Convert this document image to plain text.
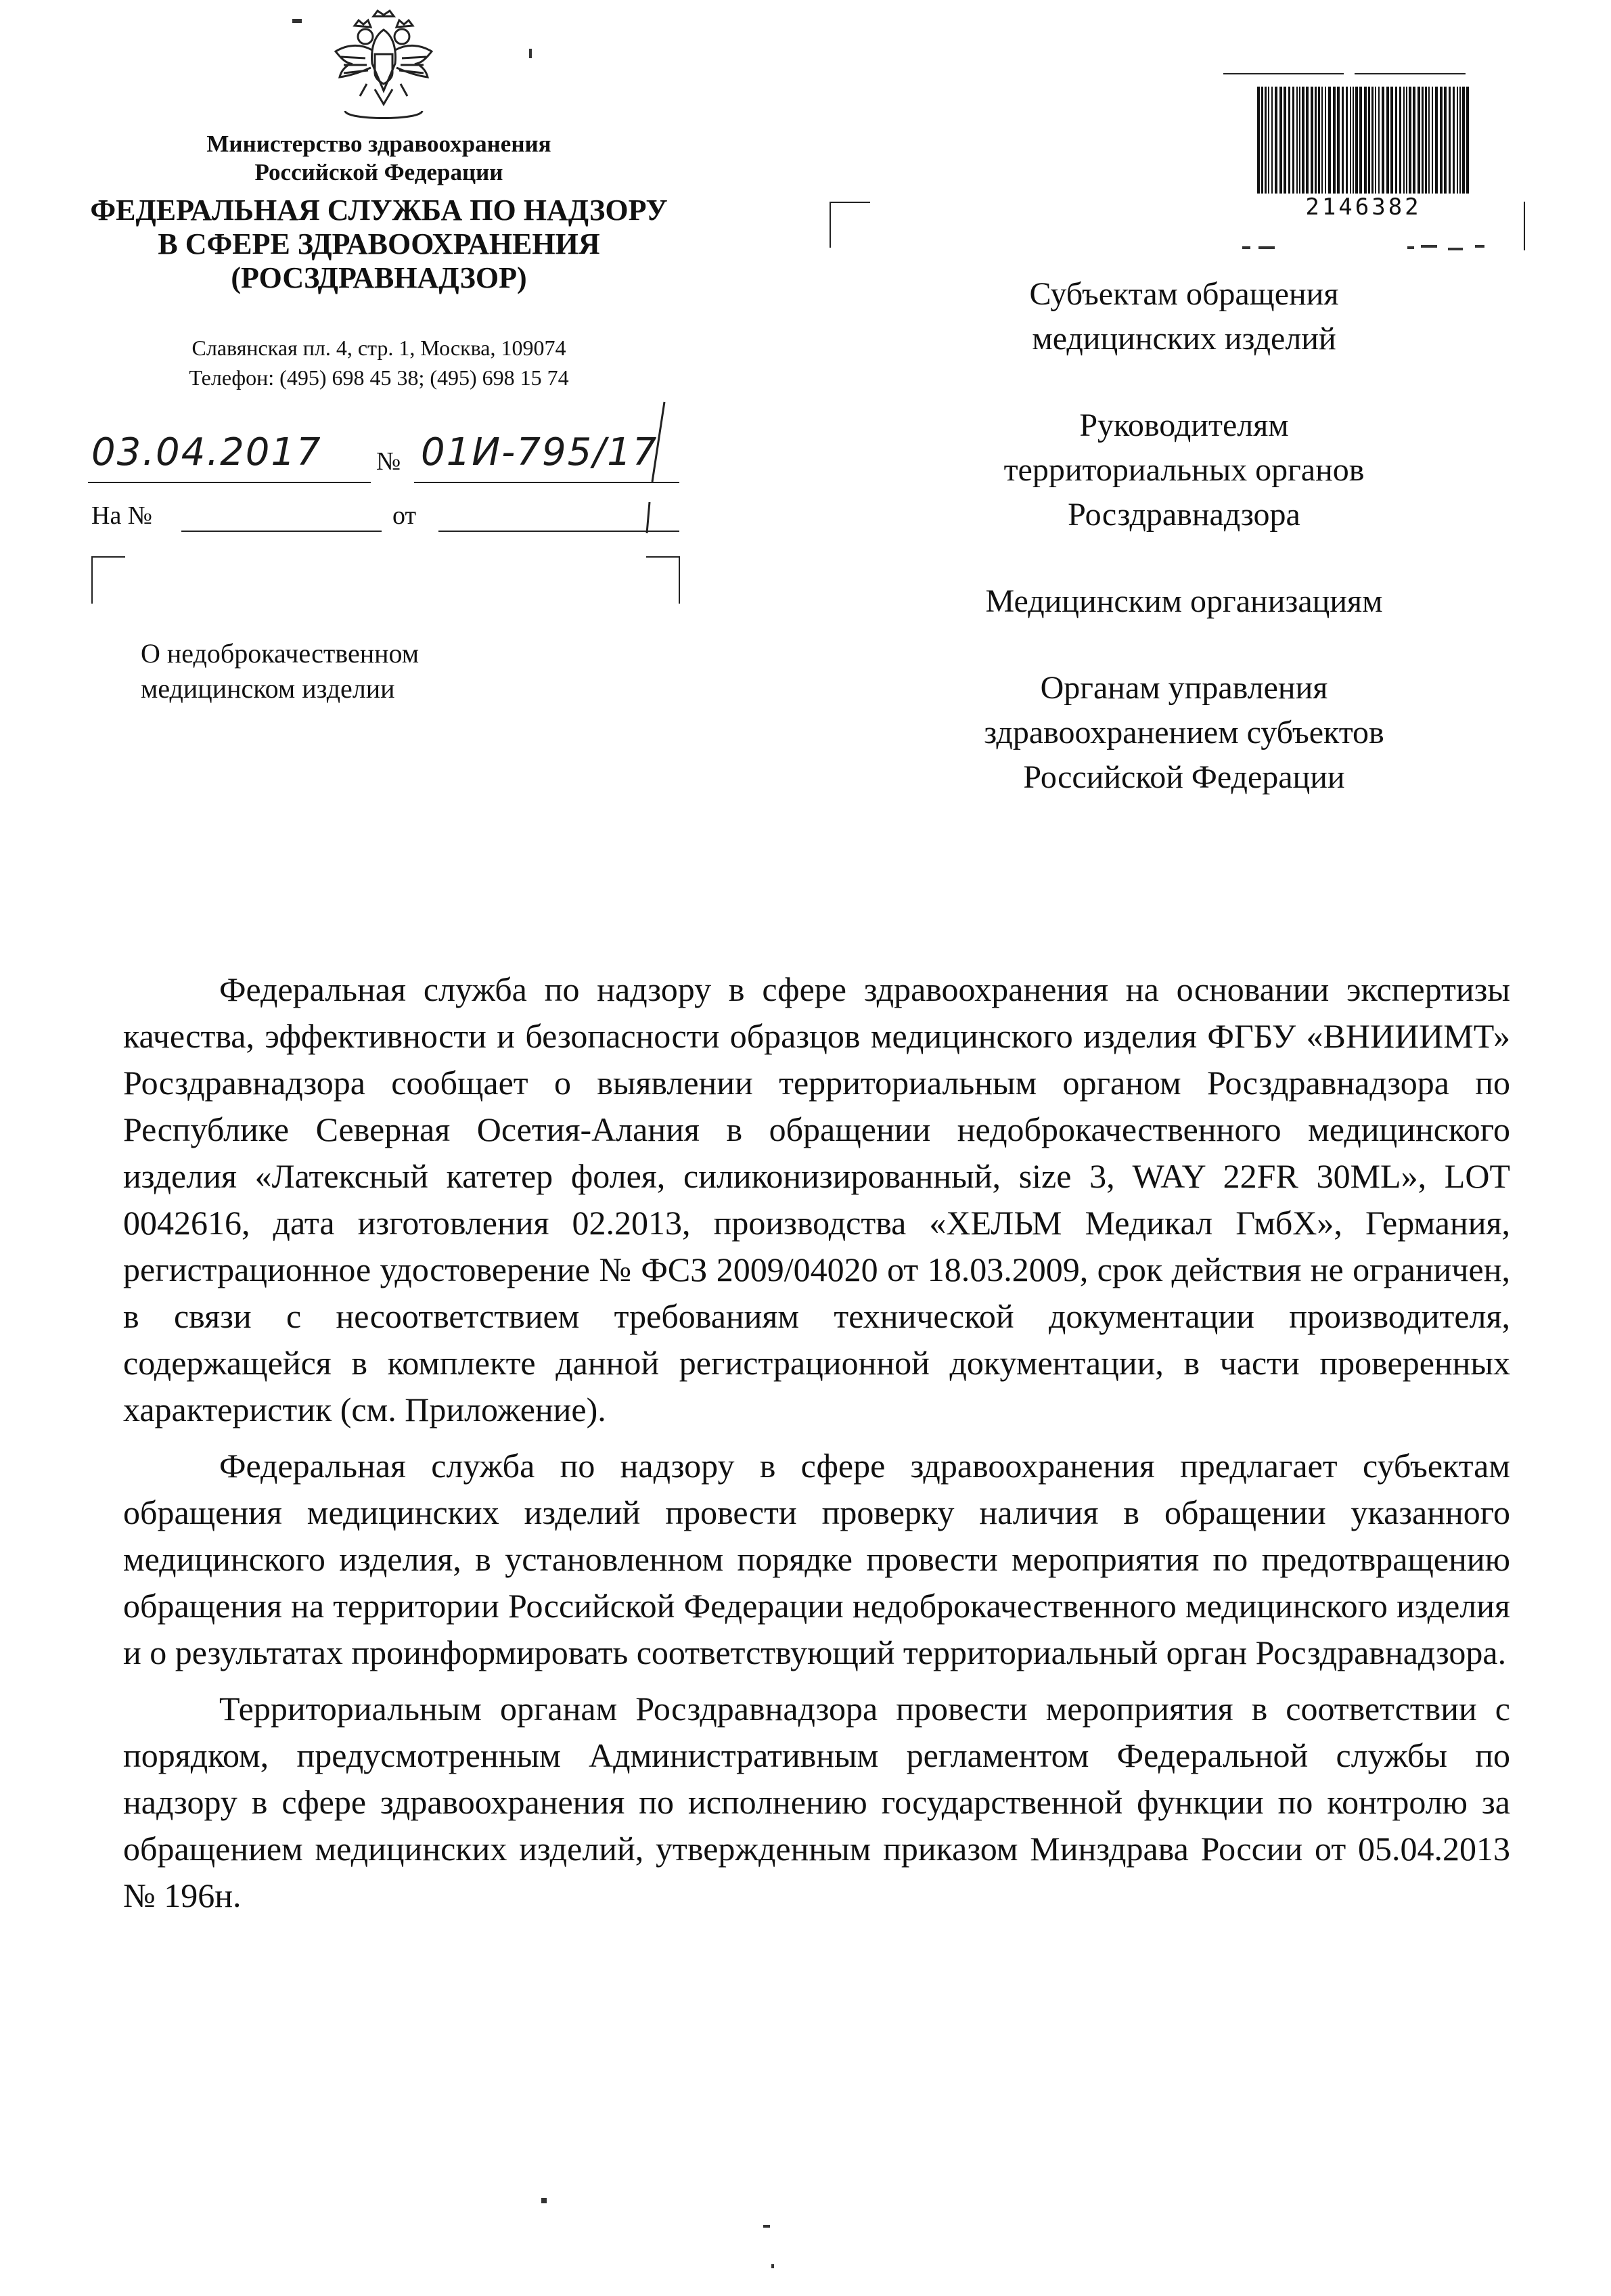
Министерство здравоохранения
Российской Федерации
ФЕДЕРАЛЬНАЯ СЛУЖБА ПО НАДЗОРУ
В СФЕРЕ ЗДРАВООХРАНЕНИЯ
(РОСЗДРАВНАДЗОР)
Славянская пл. 4, стр. 1, Москва, 109074
Телефон: (495) 698 45 38; (495) 698 15 74
03.04.2017 № 01И-795/17
На №	от
О недоброкачественном
медицинском изделии
2146382
Субъектам обращения
медицинских изделий
Руководителям
территориальных органов
Росздравнадзора
Медицинским организациям
Органам управления
здравоохранением субъектов
Российской Федерации

Федеральная служба по надзору в сфере здравоохранения на основании экспертизы качества, эффективности и безопасности образцов медицинского изделия ФГБУ «ВНИИИМТ» Росздравнадзора сообщает о выявлении территориальным органом Росздравнадзора по Республике Северная Осетия-Алания в обращении недоброкачественного медицинского изделия «Латексный катетер фолея, силиконизированный, size 3, WAY 22FR 30ML», LOT 0042616, дата изготовления 02.2013, производства «ХЕЛЬМ Медикал ГмбХ», Германия, регистрационное удостоверение № ФСЗ 2009/04020 от 18.03.2009, срок действия не ограничен, в связи с несоответствием требованиям технической документации производителя, содержащейся в комплекте данной регистрационной документации, в части проверенных характеристик (см. Приложение).

Федеральная служба по надзору в сфере здравоохранения предлагает субъектам обращения медицинских изделий провести проверку наличия в обращении указанного медицинского изделия, в установленном порядке провести мероприятия по предотвращению обращения на территории Российской Федерации недоброкачественного медицинского изделия и о результатах проинформировать соответствующий территориальный орган Росздравнадзора.

Территориальным органам Росздравнадзора провести мероприятия в соответствии с порядком, предусмотренным Административным регламентом Федеральной службы по надзору в сфере здравоохранения по исполнению государственной функции по контролю за обращением медицинских изделий, утвержденным приказом Минздрава России от 05.04.2013 № 196н.
